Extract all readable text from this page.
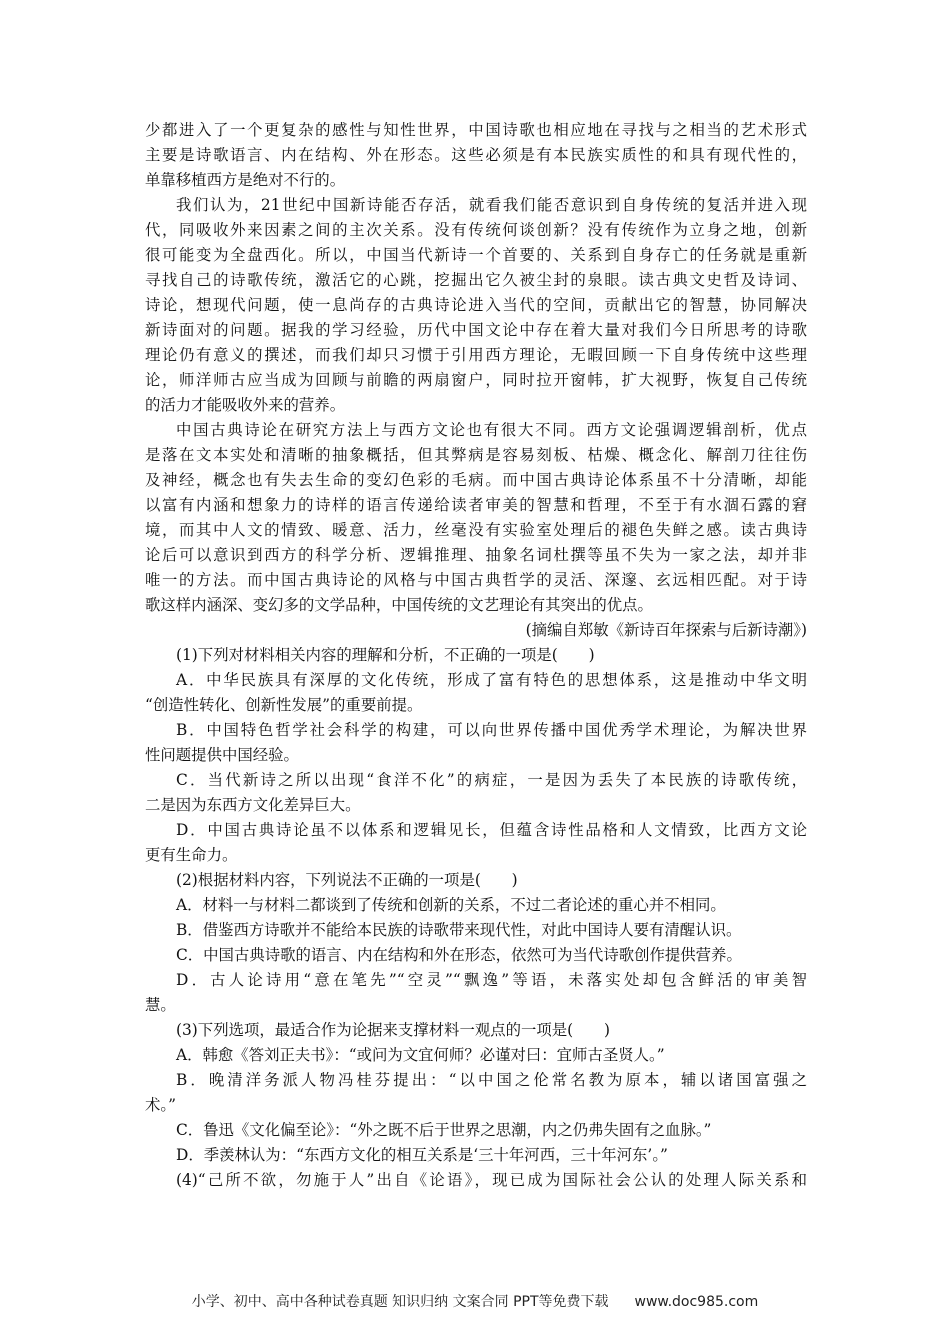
少都进入了一个更复杂的感性与知性世界，中国诗歌也相应地在寻找与之相当的艺术形式
主要是诗歌语言、内在结构、外在形态。这些必须是有本民族实质性的和具有现代性的，
单靠移植西方是绝对不行的。
我们认为，21世纪中国新诗能否存活，就看我们能否意识到自身传统的复活并进入现
代，同吸收外来因素之间的主次关系。没有传统何谈创新？没有传统作为立身之地，创新
很可能变为全盘西化。所以，中国当代新诗一个首要的、关系到自身存亡的任务就是重新
寻找自己的诗歌传统，激活它的心跳，挖掘出它久被尘封的泉眼。读古典文史哲及诗词、
诗论，想现代问题，使一息尚存的古典诗论进入当代的空间，贡献出它的智慧，协同解决
新诗面对的问题。据我的学习经验，历代中国文论中存在着大量对我们今日所思考的诗歌
理论仍有意义的撰述，而我们却只习惯于引用西方理论，无暇回顾一下自身传统中这些理
论，师洋师古应当成为回顾与前瞻的两扇窗户，同时拉开窗帏，扩大视野，恢复自己传统
的活力才能吸收外来的营养。
中国古典诗论在研究方法上与西方文论也有很大不同。西方文论强调逻辑剖析，优点
是落在文本实处和清晰的抽象概括，但其弊病是容易刻板、枯燥、概念化、解剖刀往往伤
及神经，概念也有失去生命的变幻色彩的毛病。而中国古典诗论体系虽不十分清晰，却能
以富有内涵和想象力的诗样的语言传递给读者审美的智慧和哲理，不至于有水涸石露的窘
境，而其中人文的情致、暖意、活力，丝毫没有实验室处理后的褪色失鲜之感。读古典诗
论后可以意识到西方的科学分析、逻辑推理、抽象名词杜撰等虽不失为一家之法，却并非
唯一的方法。而中国古典诗论的风格与中国古典哲学的灵活、深邃、玄远相匹配。对于诗
歌这样内涵深、变幻多的文学品种，中国传统的文艺理论有其突出的优点。
(摘编自郑敏《新诗百年探索与后新诗潮》)
(1)下列对材料相关内容的理解和分析，不正确的一项是(　　)
A．中华民族具有深厚的文化传统，形成了富有特色的思想体系，这是推动中华文明
“创造性转化、创新性发展”的重要前提。
B．中国特色哲学社会科学的构建，可以向世界传播中国优秀学术理论，为解决世界
性问题提供中国经验。
C．当代新诗之所以出现“食洋不化”的病症，一是因为丢失了本民族的诗歌传统，
二是因为东西方文化差异巨大。
D．中国古典诗论虽不以体系和逻辑见长，但蕴含诗性品格和人文情致，比西方文论
更有生命力。
(2)根据材料内容，下列说法不正确的一项是(　　)
A．材料一与材料二都谈到了传统和创新的关系，不过二者论述的重心并不相同。
B．借鉴西方诗歌并不能给本民族的诗歌带来现代性，对此中国诗人要有清醒认识。
C．中国古典诗歌的语言、内在结构和外在形态，依然可为当代诗歌创作提供营养。
D．古人论诗用“意在笔先”“空灵”“飘逸”等语，未落实处却包含鲜活的审美智
慧。
(3)下列选项，最适合作为论据来支撑材料一观点的一项是(　　)
A．韩愈《答刘正夫书》：“或问为文宜何师？必谨对曰：宜师古圣贤人。”
B．晚清洋务派人物冯桂芬提出：“以中国之伦常名教为原本，辅以诸国富强之
术。”
C．鲁迅《文化偏至论》：“外之既不后于世界之思潮，内之仍弗失固有之血脉。”
D．季羡林认为：“东西方文化的相互关系是‘三十年河西，三十年河东’。”
(4)“己所不欲，勿施于人”出自《论语》，现已成为国际社会公认的处理人际关系和
小学、初中、高中各种试卷真题 知识归纳 文案合同 PPT等免费下载 www.doc985.com
